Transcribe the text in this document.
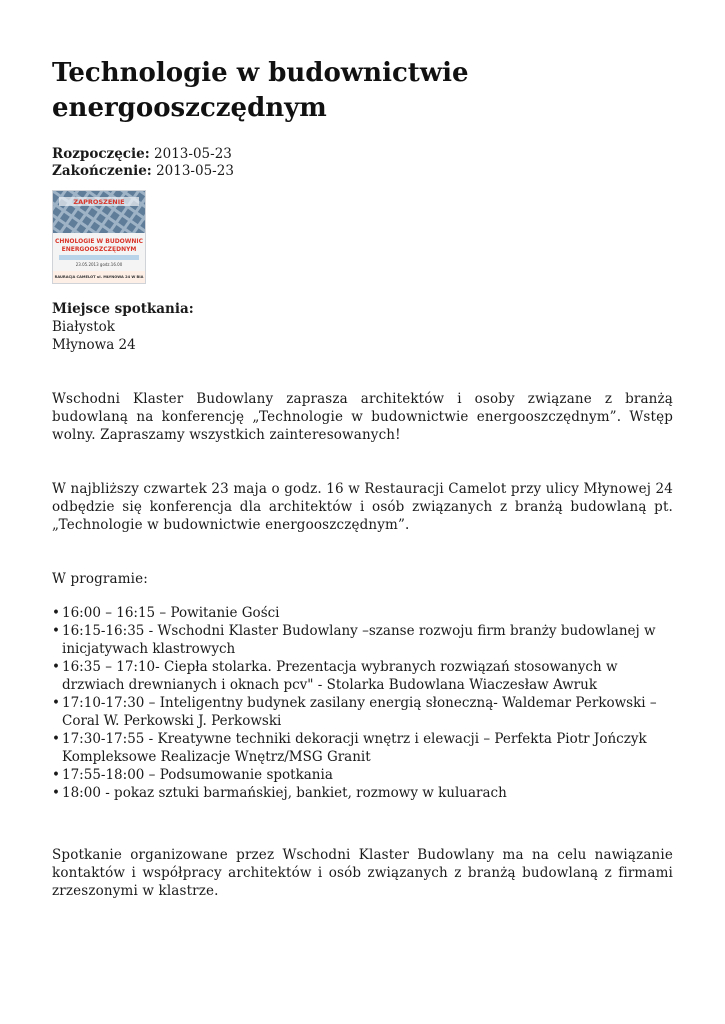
Technologie w budownictwie energooszczędnym
Rozpoczęcie: 2013-05-23
Zakończenie: 2013-05-23
ZAPROSZENIE
CHNOLOGIE W BUDOWNIC
ENERGOOSZCZĘDNYM
23.05.2013 godz.16.00
RAURACJA CAMELOT ul. MŁYNOWA 24 W BIA
Miejsce spotkania:
Białystok
Młynowa 24

Wschodni Klaster Budowlany zaprasza architektów i osoby związane z branżą budowlaną na konferencję „Technologie w budownictwie energooszczędnym”. Wstęp wolny. Zapraszamy wszystkich zainteresowanych!

W najbliższy czwartek 23 maja o godz. 16 w Restauracji Camelot przy ulicy Młynowej 24 odbędzie się konferencja dla architektów i osób związanych z branżą budowlaną pt. „Technologie w budownictwie energooszczędnym”.

W programie:

• 16:00 – 16:15 – Powitanie Gości
• 16:15-16:35 - Wschodni Klaster Budowlany –szanse rozwoju firm branży budowlanej w inicjatywach klastrowych
• 16:35 – 17:10- Ciepła stolarka. Prezentacja wybranych rozwiązań stosowanych w drzwiach drewnianych i oknach pcv" - Stolarka Budowlana Wiaczesław Awruk
• 17:10-17:30 – Inteligentny budynek zasilany energią słoneczną- Waldemar Perkowski –Coral W. Perkowski J. Perkowski
• 17:30-17:55 - Kreatywne techniki dekoracji wnętrz i elewacji – Perfekta Piotr Jończyk Kompleksowe Realizacje Wnętrz/MSG Granit
• 17:55-18:00 – Podsumowanie spotkania
• 18:00 - pokaz sztuki barmańskiej, bankiet, rozmowy w kuluarach

Spotkanie organizowane przez Wschodni Klaster Budowlany ma na celu nawiązanie kontaktów i współpracy architektów i osób związanych z branżą budowlaną z firmami zrzeszonymi w klastrze.
